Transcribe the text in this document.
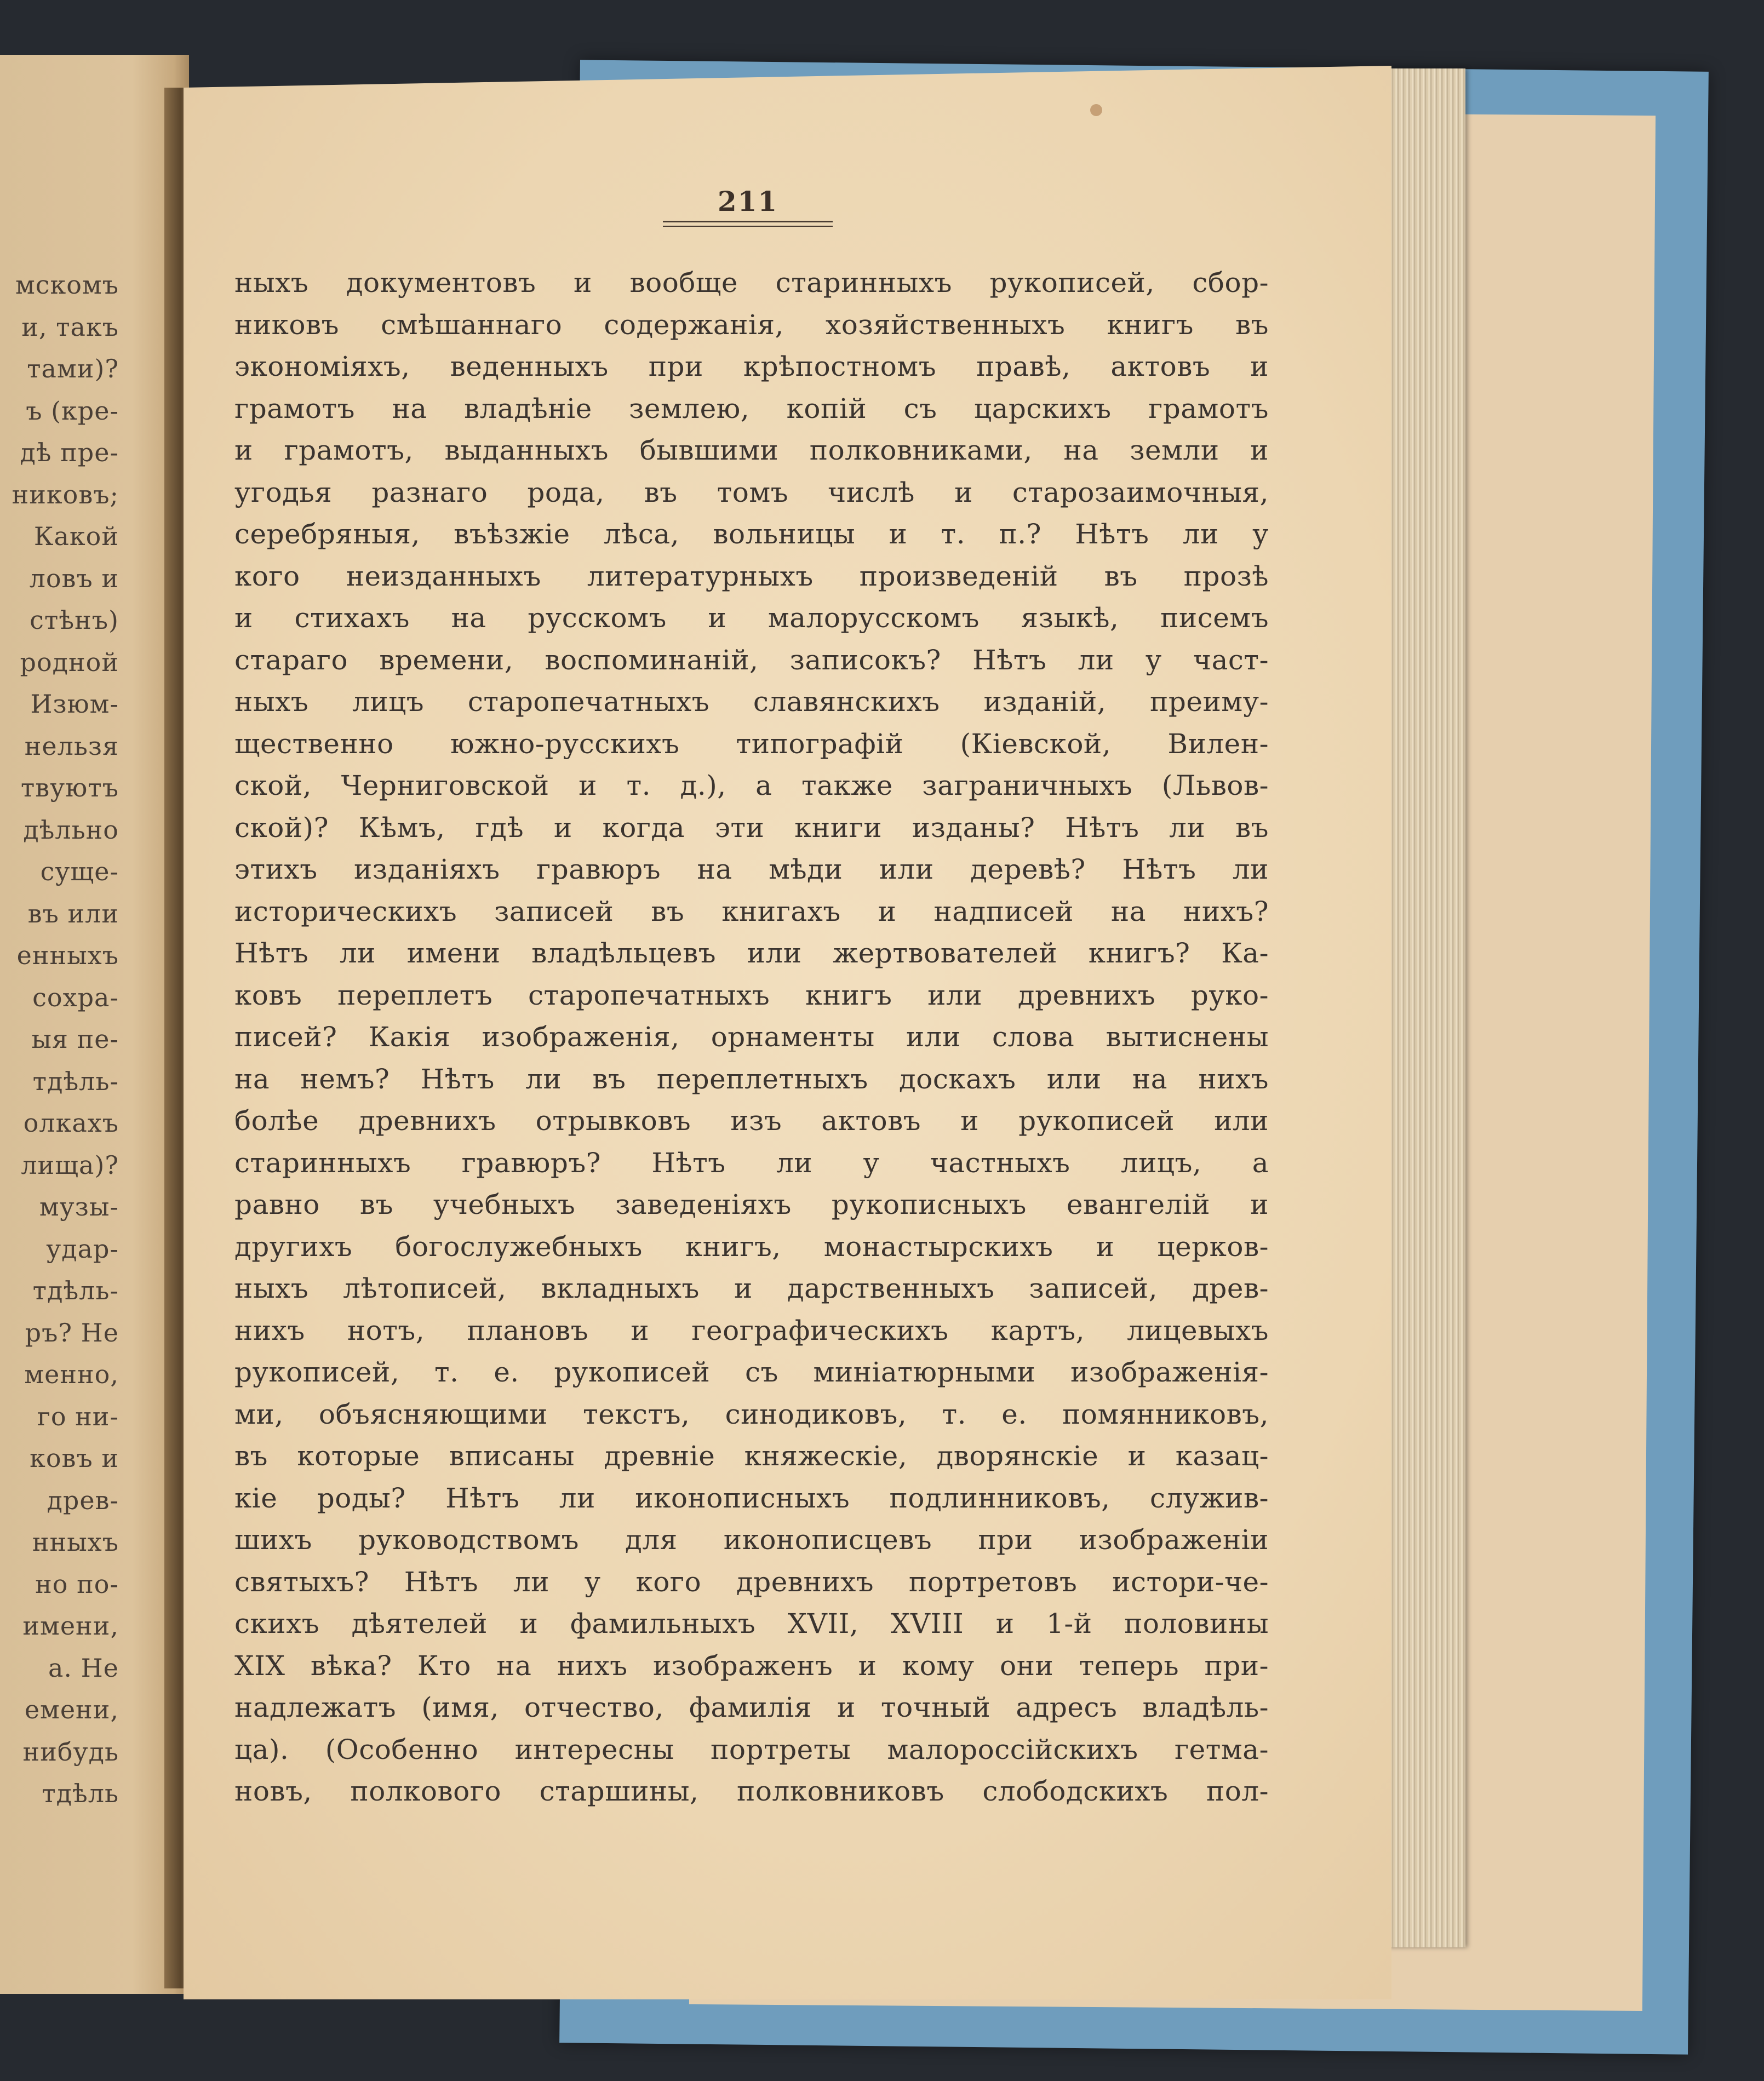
мскомъ
и, такъ
тами)?
ъ (кре-
дѣ пре-
никовъ;
Какой
ловъ и
стѣнъ)
родной
Изюм-
нельзя
твуютъ
дѣльно
суще-
въ или
енныхъ
сохра-
ыя пе-
тдѣль-
олкахъ
лища)?
музы-
удар-
тдѣль-
ръ? Не
менно,
го ни-
ковъ и
древ-
нныхъ
но по-
имени,
а. Не
емени,
нибудь
тдѣль
211
ныхъ документовъ и вообще старинныхъ рукописей, сбор-
никовъ смѣшаннаго содержанія, хозяйственныхъ книгъ въ
экономіяхъ, веденныхъ при крѣпостномъ правѣ, актовъ и
грамотъ на владѣніе землею, копій съ царскихъ грамотъ
и грамотъ, выданныхъ бывшими полковниками, на земли и
угодья разнаго рода, въ томъ числѣ и старозаимочныя,
серебряныя, въѣзжіе лѣса, вольницы и т. п.? Нѣтъ ли у
кого неизданныхъ литературныхъ произведеній въ прозѣ
и стихахъ на русскомъ и малорусскомъ языкѣ, писемъ
стараго времени, воспоминаній, записокъ? Нѣтъ ли у част-
ныхъ лицъ старопечатныхъ славянскихъ изданій, преиму-
щественно южно-русскихъ типографій (Кіевской, Вилен-
ской, Черниговской и т. д.), а также заграничныхъ (Львов-
ской)? Кѣмъ, гдѣ и когда эти книги изданы? Нѣтъ ли въ
этихъ изданіяхъ гравюръ на мѣди или деревѣ? Нѣтъ ли
историческихъ записей въ книгахъ и надписей на нихъ?
Нѣтъ ли имени владѣльцевъ или жертвователей книгъ? Ка-
ковъ переплетъ старопечатныхъ книгъ или древнихъ руко-
писей? Какія изображенія, орнаменты или слова вытиснены
на немъ? Нѣтъ ли въ переплетныхъ доскахъ или на нихъ
болѣе древнихъ отрывковъ изъ актовъ и рукописей или
старинныхъ гравюръ? Нѣтъ ли у частныхъ лицъ, а
равно въ учебныхъ заведеніяхъ рукописныхъ евангелій и
другихъ богослужебныхъ книгъ, монастырскихъ и церков-
ныхъ лѣтописей, вкладныхъ и дарственныхъ записей, древ-
нихъ нотъ, плановъ и географическихъ картъ, лицевыхъ
рукописей, т. е. рукописей съ миніатюрными изображенія-
ми, объясняющими текстъ, синодиковъ, т. е. помянниковъ,
въ которые вписаны древніе княжескіе, дворянскіе и казац-
кіе роды? Нѣтъ ли иконописныхъ подлинниковъ, служив-
шихъ руководствомъ для иконописцевъ при изображеніи
святыхъ? Нѣтъ ли у кого древнихъ портретовъ истори-че-
скихъ дѣятелей и фамильныхъ XVII, XVIII и 1-й половины
XIX вѣка? Кто на нихъ изображенъ и кому они теперь при-
надлежатъ (имя, отчество, фамилія и точный адресъ владѣль-
ца). (Особенно интересны портреты малороссійскихъ гетма-
новъ, полкового старшины, полковниковъ слободскихъ пол-
